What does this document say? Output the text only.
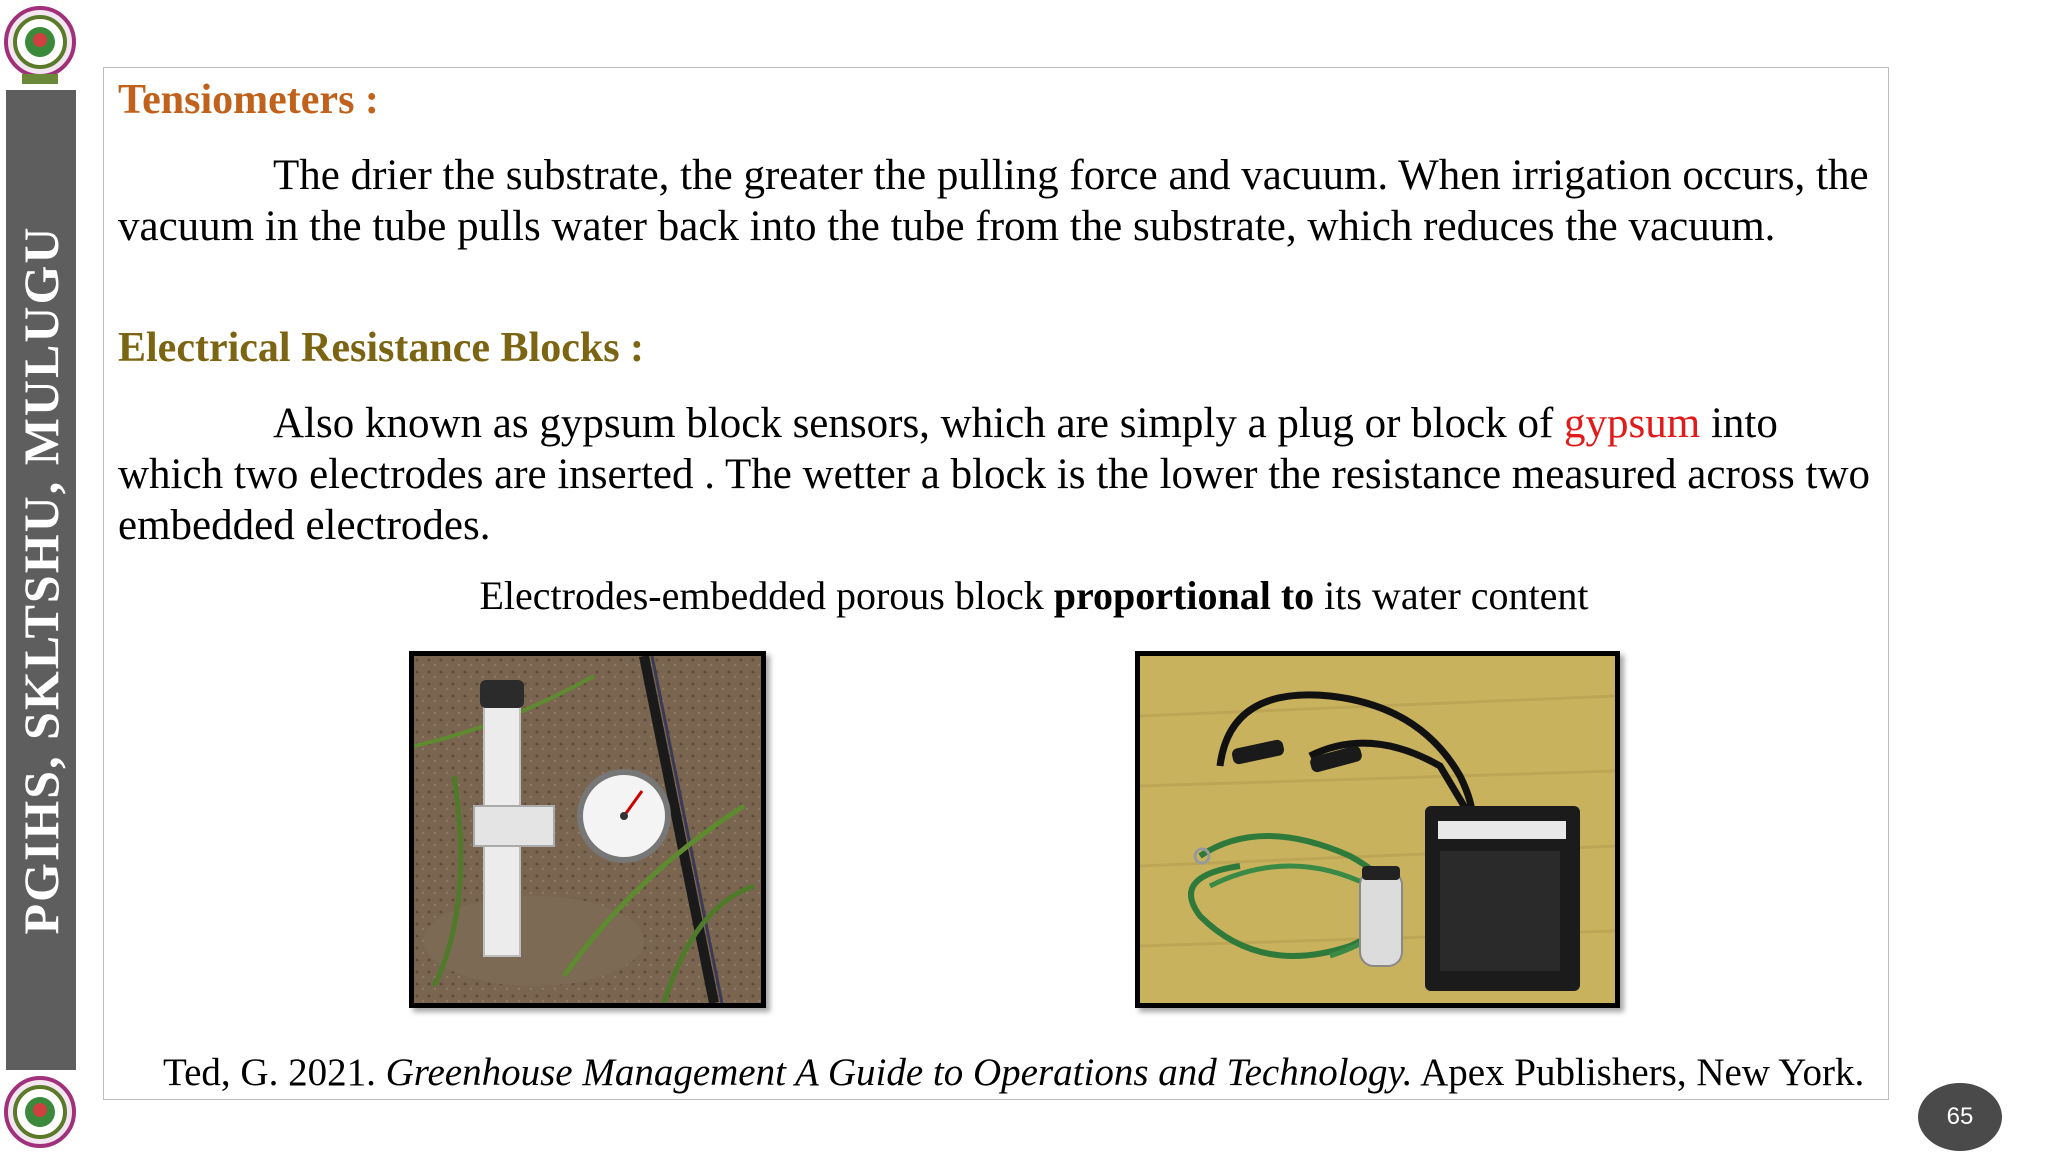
PGIHS, SKLTSHU, MULUGU
Tensiometers :
The drier the substrate, the greater the pulling force and vacuum. When irrigation occurs, the vacuum in the tube pulls water back into the tube from the substrate, which reduces the vacuum.
Electrical Resistance Blocks :
Also known as gypsum block sensors, which are simply a plug or block of gypsum into which two electrodes are inserted . The wetter a block is the lower the resistance measured across two embedded electrodes.
Electrodes-embedded porous block proportional to its water content
Ted, G. 2021. Greenhouse Management A Guide to Operations and Technology. Apex Publishers, New York.
65
